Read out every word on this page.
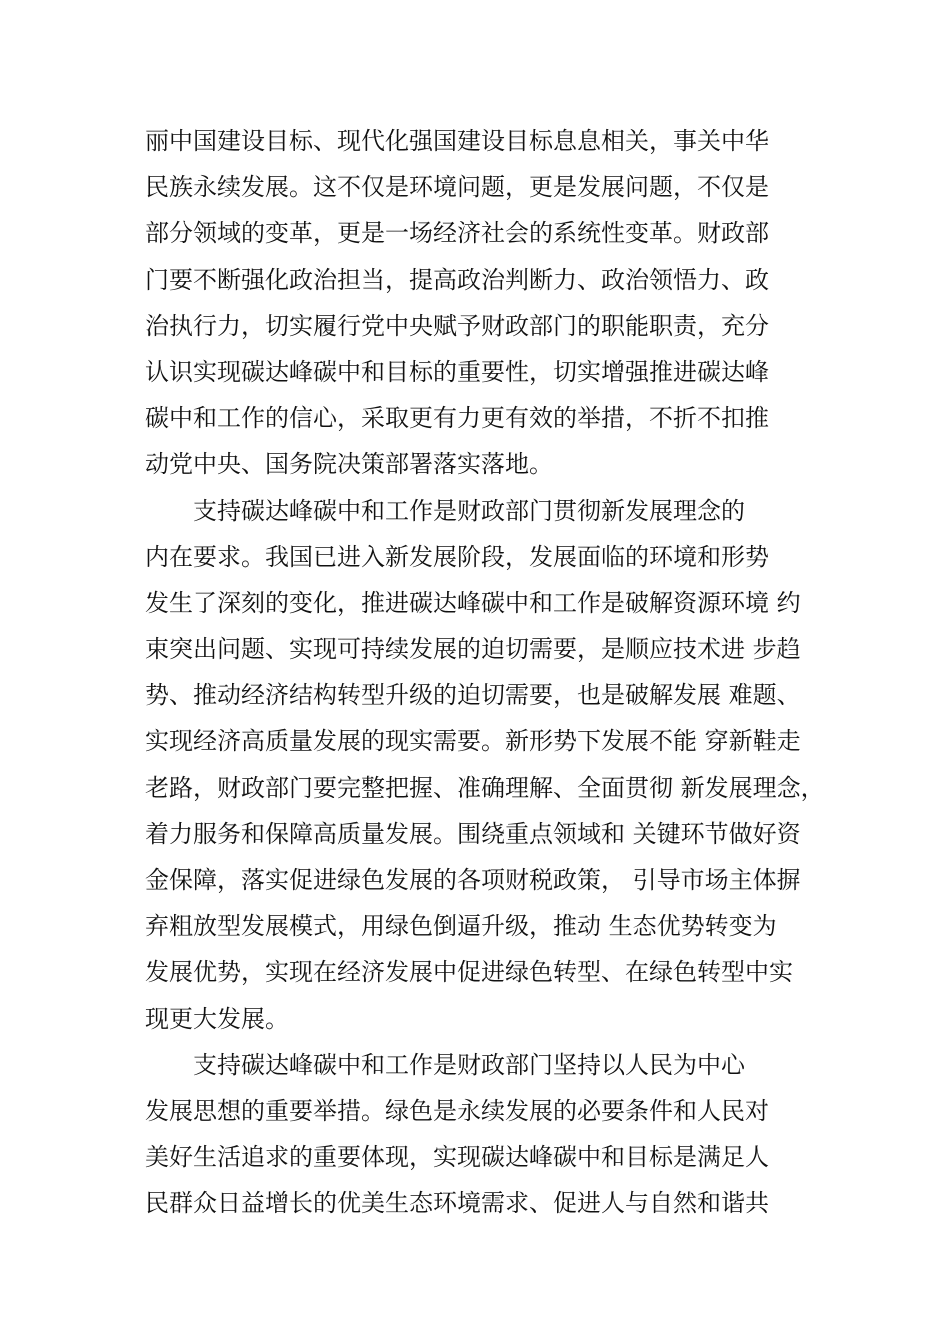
丽中国建设目标、现代化强国建设目标息息相关，事关中华
民族永续发展。这不仅是环境问题，更是发展问题，不仅是
部分领域的变革，更是一场经济社会的系统性变革。财政部
门要不断强化政治担当，提高政治判断力、政治领悟力、政
治执行力，切实履行党中央赋予财政部门的职能职责，充分
认识实现碳达峰碳中和目标的重要性，切实增强推进碳达峰
碳中和工作的信心，采取更有力更有效的举措，不折不扣推
动党中央、国务院决策部署落实落地。
支持碳达峰碳中和工作是财政部门贯彻新发展理念的
内在要求。我国已进入新发展阶段，发展面临的环境和形势
发生了深刻的变化，推进碳达峰碳中和工作是破解资源环境 约
束突出问题、实现可持续发展的迫切需要，是顺应技术进 步趋
势、推动经济结构转型升级的迫切需要，也是破解发展 难题、
实现经济高质量发展的现实需要。新形势下发展不能 穿新鞋走
老路，财政部门要完整把握、准确理解、全面贯彻 新发展理念，
着力服务和保障高质量发展。围绕重点领域和 关键环节做好资
金保障，落实促进绿色发展的各项财税政策， 引导市场主体摒
弃粗放型发展模式，用绿色倒逼升级，推动 生态优势转变为
发展优势，实现在经济发展中促进绿色转型、在绿色转型中实
现更大发展。
支持碳达峰碳中和工作是财政部门坚持以人民为中心
发展思想的重要举措。绿色是永续发展的必要条件和人民对
美好生活追求的重要体现，实现碳达峰碳中和目标是满足人
民群众日益增长的优美生态环境需求、促进人与自然和谐共
